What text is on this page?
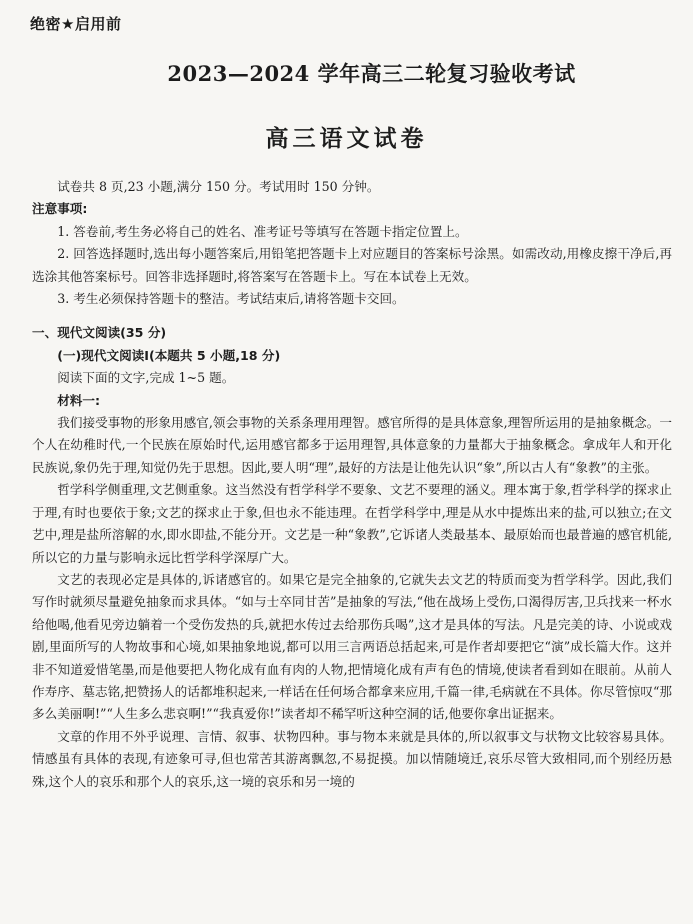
绝密★启用前
2023—2024 学年高三二轮复习验收考试
高三语文试卷

试卷共 8 页,23 小题,满分 150 分。考试用时 150 分钟。

注意事项:

1. 答卷前,考生务必将自己的姓名、准考证号等填写在答题卡指定位置上。

2. 回答选择题时,选出每小题答案后,用铅笔把答题卡上对应题目的答案标号涂黑。如需改动,用橡皮擦干净后,再选涂其他答案标号。回答非选择题时,将答案写在答题卡上。写在本试卷上无效。

3. 考生必须保持答题卡的整洁。考试结束后,请将答题卡交回。

一、现代文阅读(35 分)

(一)现代文阅读Ⅰ(本题共 5 小题,18 分)

阅读下面的文字,完成 1~5 题。

材料一:

我们接受事物的形象用感官,领会事物的关系条理用理智。感官所得的是具体意象,理智所运用的是抽象概念。一个人在幼稚时代,一个民族在原始时代,运用感官都多于运用理智,具体意象的力量都大于抽象概念。拿成年人和开化民族说,象仍先于理,知觉仍先于思想。因此,要人明“理”,最好的方法是让他先认识“象”,所以古人有“象教”的主张。

哲学科学侧重理,文艺侧重象。这当然没有哲学科学不要象、文艺不要理的涵义。理本寓于象,哲学科学的探求止于理,有时也要依于象;文艺的探求止于象,但也永不能违理。在哲学科学中,理是从水中提炼出来的盐,可以独立;在文艺中,理是盐所溶解的水,即水即盐,不能分开。文艺是一种“象教”,它诉诸人类最基本、最原始而也最普遍的感官机能,所以它的力量与影响永远比哲学科学深厚广大。

文艺的表现必定是具体的,诉诸感官的。如果它是完全抽象的,它就失去文艺的特质而变为哲学科学。因此,我们写作时就须尽量避免抽象而求具体。“如与士卒同甘苦”是抽象的写法,“他在战场上受伤,口渴得厉害,卫兵找来一杯水给他喝,他看见旁边躺着一个受伤发热的兵,就把水传过去给那伤兵喝”,这才是具体的写法。凡是完美的诗、小说或戏剧,里面所写的人物故事和心境,如果抽象地说,都可以用三言两语总括起来,可是作者却要把它“演”成长篇大作。这并非不知道爱惜笔墨,而是他要把人物化成有血有肉的人物,把情境化成有声有色的情境,使读者看到如在眼前。从前人作寿序、墓志铭,把赞扬人的话都堆积起来,一样话在任何场合都拿来应用,千篇一律,毛病就在不具体。你尽管惊叹“那多么美丽啊!”“人生多么悲哀啊!”“我真爱你!”读者却不稀罕听这种空洞的话,他要你拿出证据来。

文章的作用不外乎说理、言情、叙事、状物四种。事与物本来就是具体的,所以叙事文与状物文比较容易具体。情感虽有具体的表现,有迹象可寻,但也常苦其游离飘忽,不易捉摸。加以情随境迁,哀乐尽管大致相同,而个别经历悬殊,这个人的哀乐和那个人的哀乐,这一境的哀乐和另一境的
